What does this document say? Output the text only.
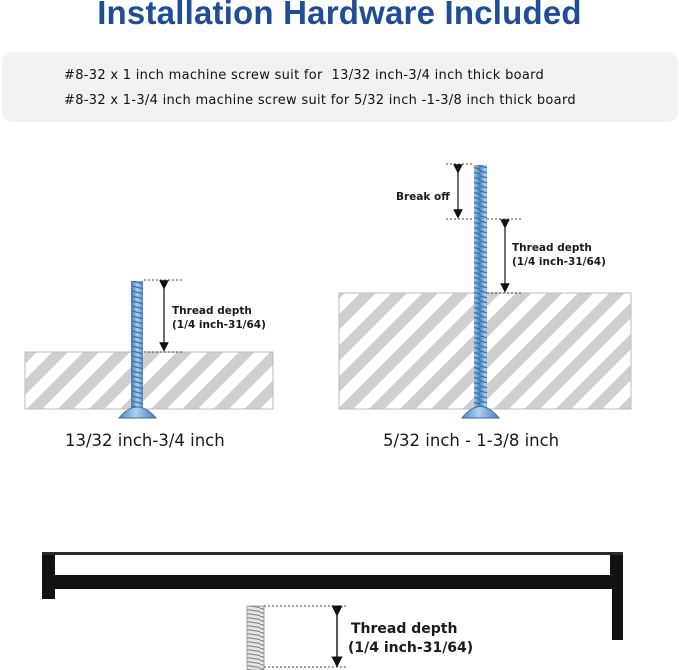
Installation Hardware Included
#8-32 x 1 inch machine screw suit for  13/32 inch-3/4 inch thick board
#8-32 x 1-3/4 inch machine screw suit for 5/32 inch -1-3/8 inch thick board
Thread depth
(1/4 inch-31/64)
Break off
Thread depth
(1/4 inch-31/64)
Thread depth
(1/4 inch-31/64)
13/32 inch-3/4 inch	5/32 inch - 1-3/8 inch
